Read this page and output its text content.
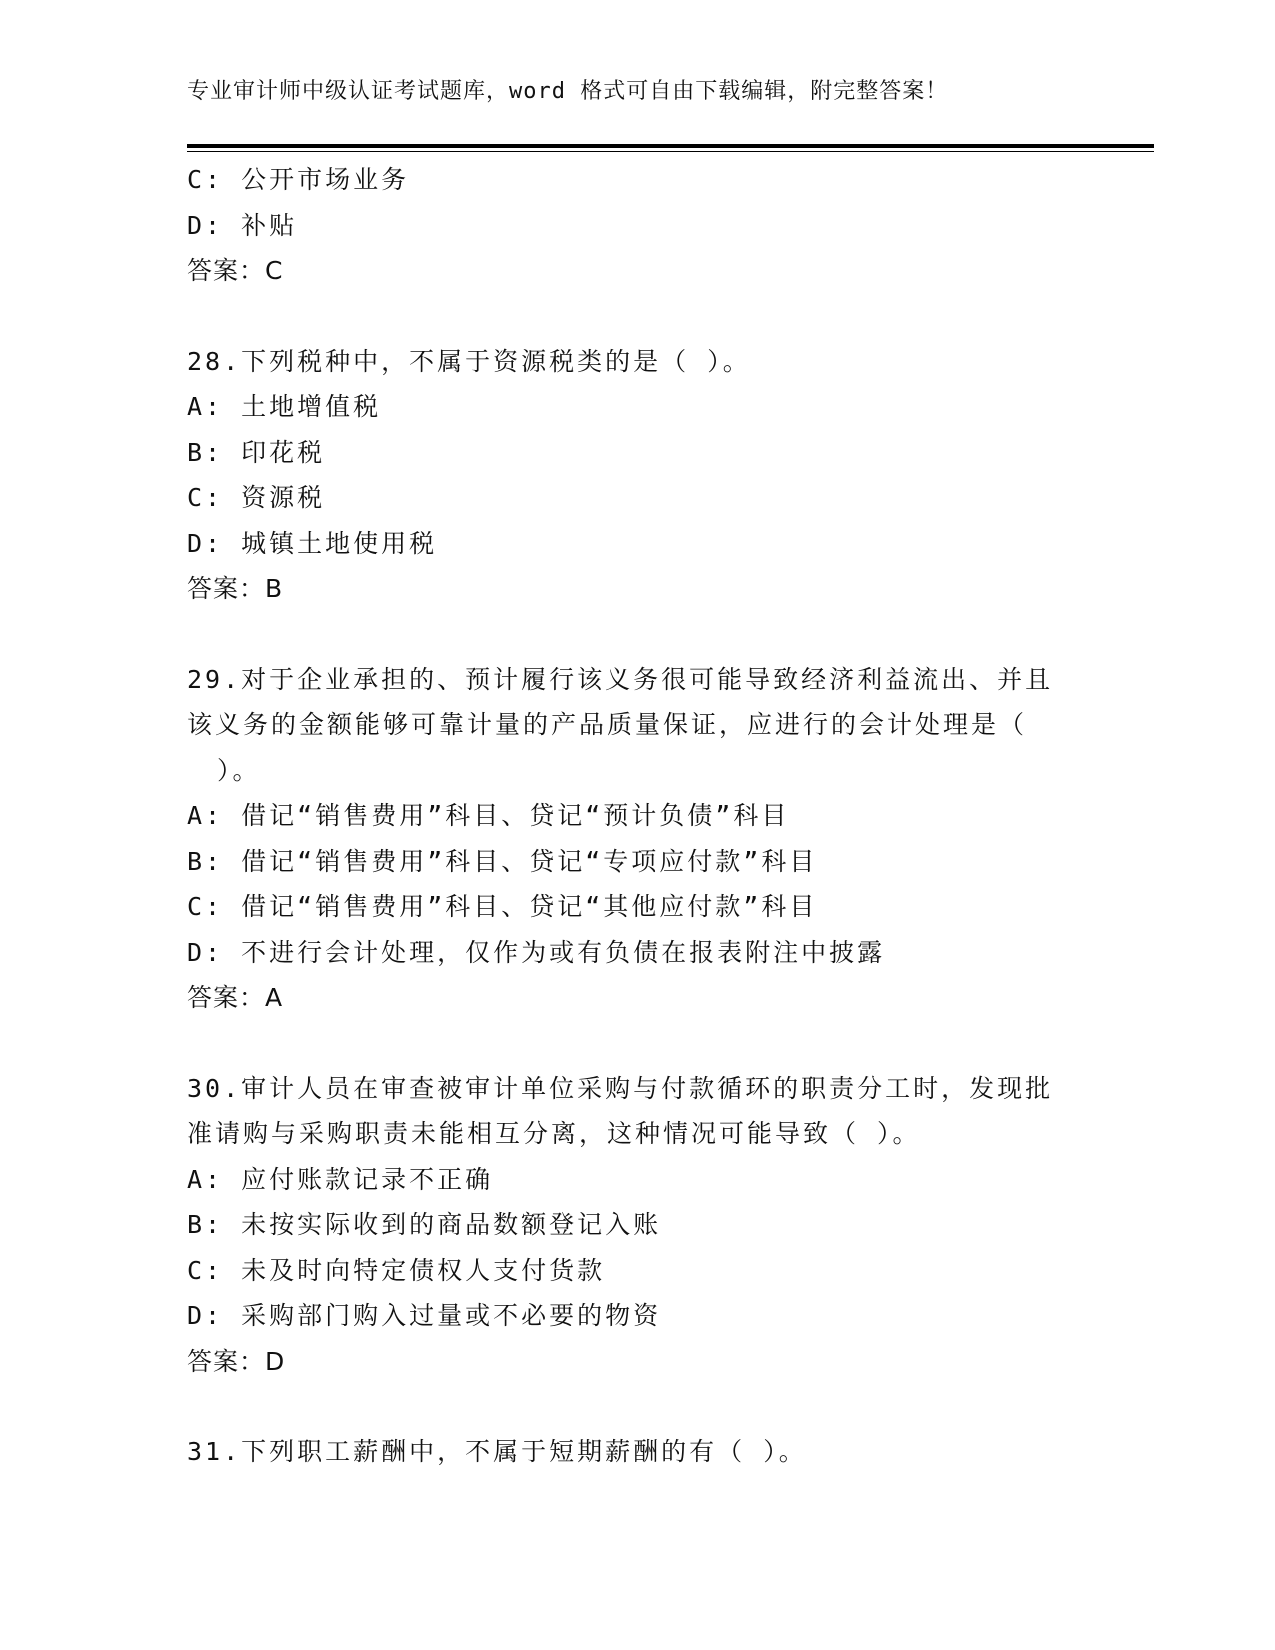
专业审计师中级认证考试题库，word 格式可自由下载编辑，附完整答案！
C: 公开市场业务
D: 补贴
答案：C
28.下列税种中，不属于资源税类的是（ ）。
A: 土地增值税
B: 印花税
C: 资源税
D: 城镇土地使用税
答案：B
29.对于企业承担的、预计履行该义务很可能导致经济利益流出、并且
该义务的金额能够可靠计量的产品质量保证，应进行的会计处理是（
）。
A: 借记“销售费用”科目、贷记“预计负债”科目
B: 借记“销售费用”科目、贷记“专项应付款”科目
C: 借记“销售费用”科目、贷记“其他应付款”科目
D: 不进行会计处理，仅作为或有负债在报表附注中披露
答案：A
30.审计人员在审查被审计单位采购与付款循环的职责分工时，发现批
准请购与采购职责未能相互分离，这种情况可能导致（ ）。
A: 应付账款记录不正确
B: 未按实际收到的商品数额登记入账
C: 未及时向特定债权人支付货款
D: 采购部门购入过量或不必要的物资
答案：D
31.下列职工薪酬中，不属于短期薪酬的有（ ）。
